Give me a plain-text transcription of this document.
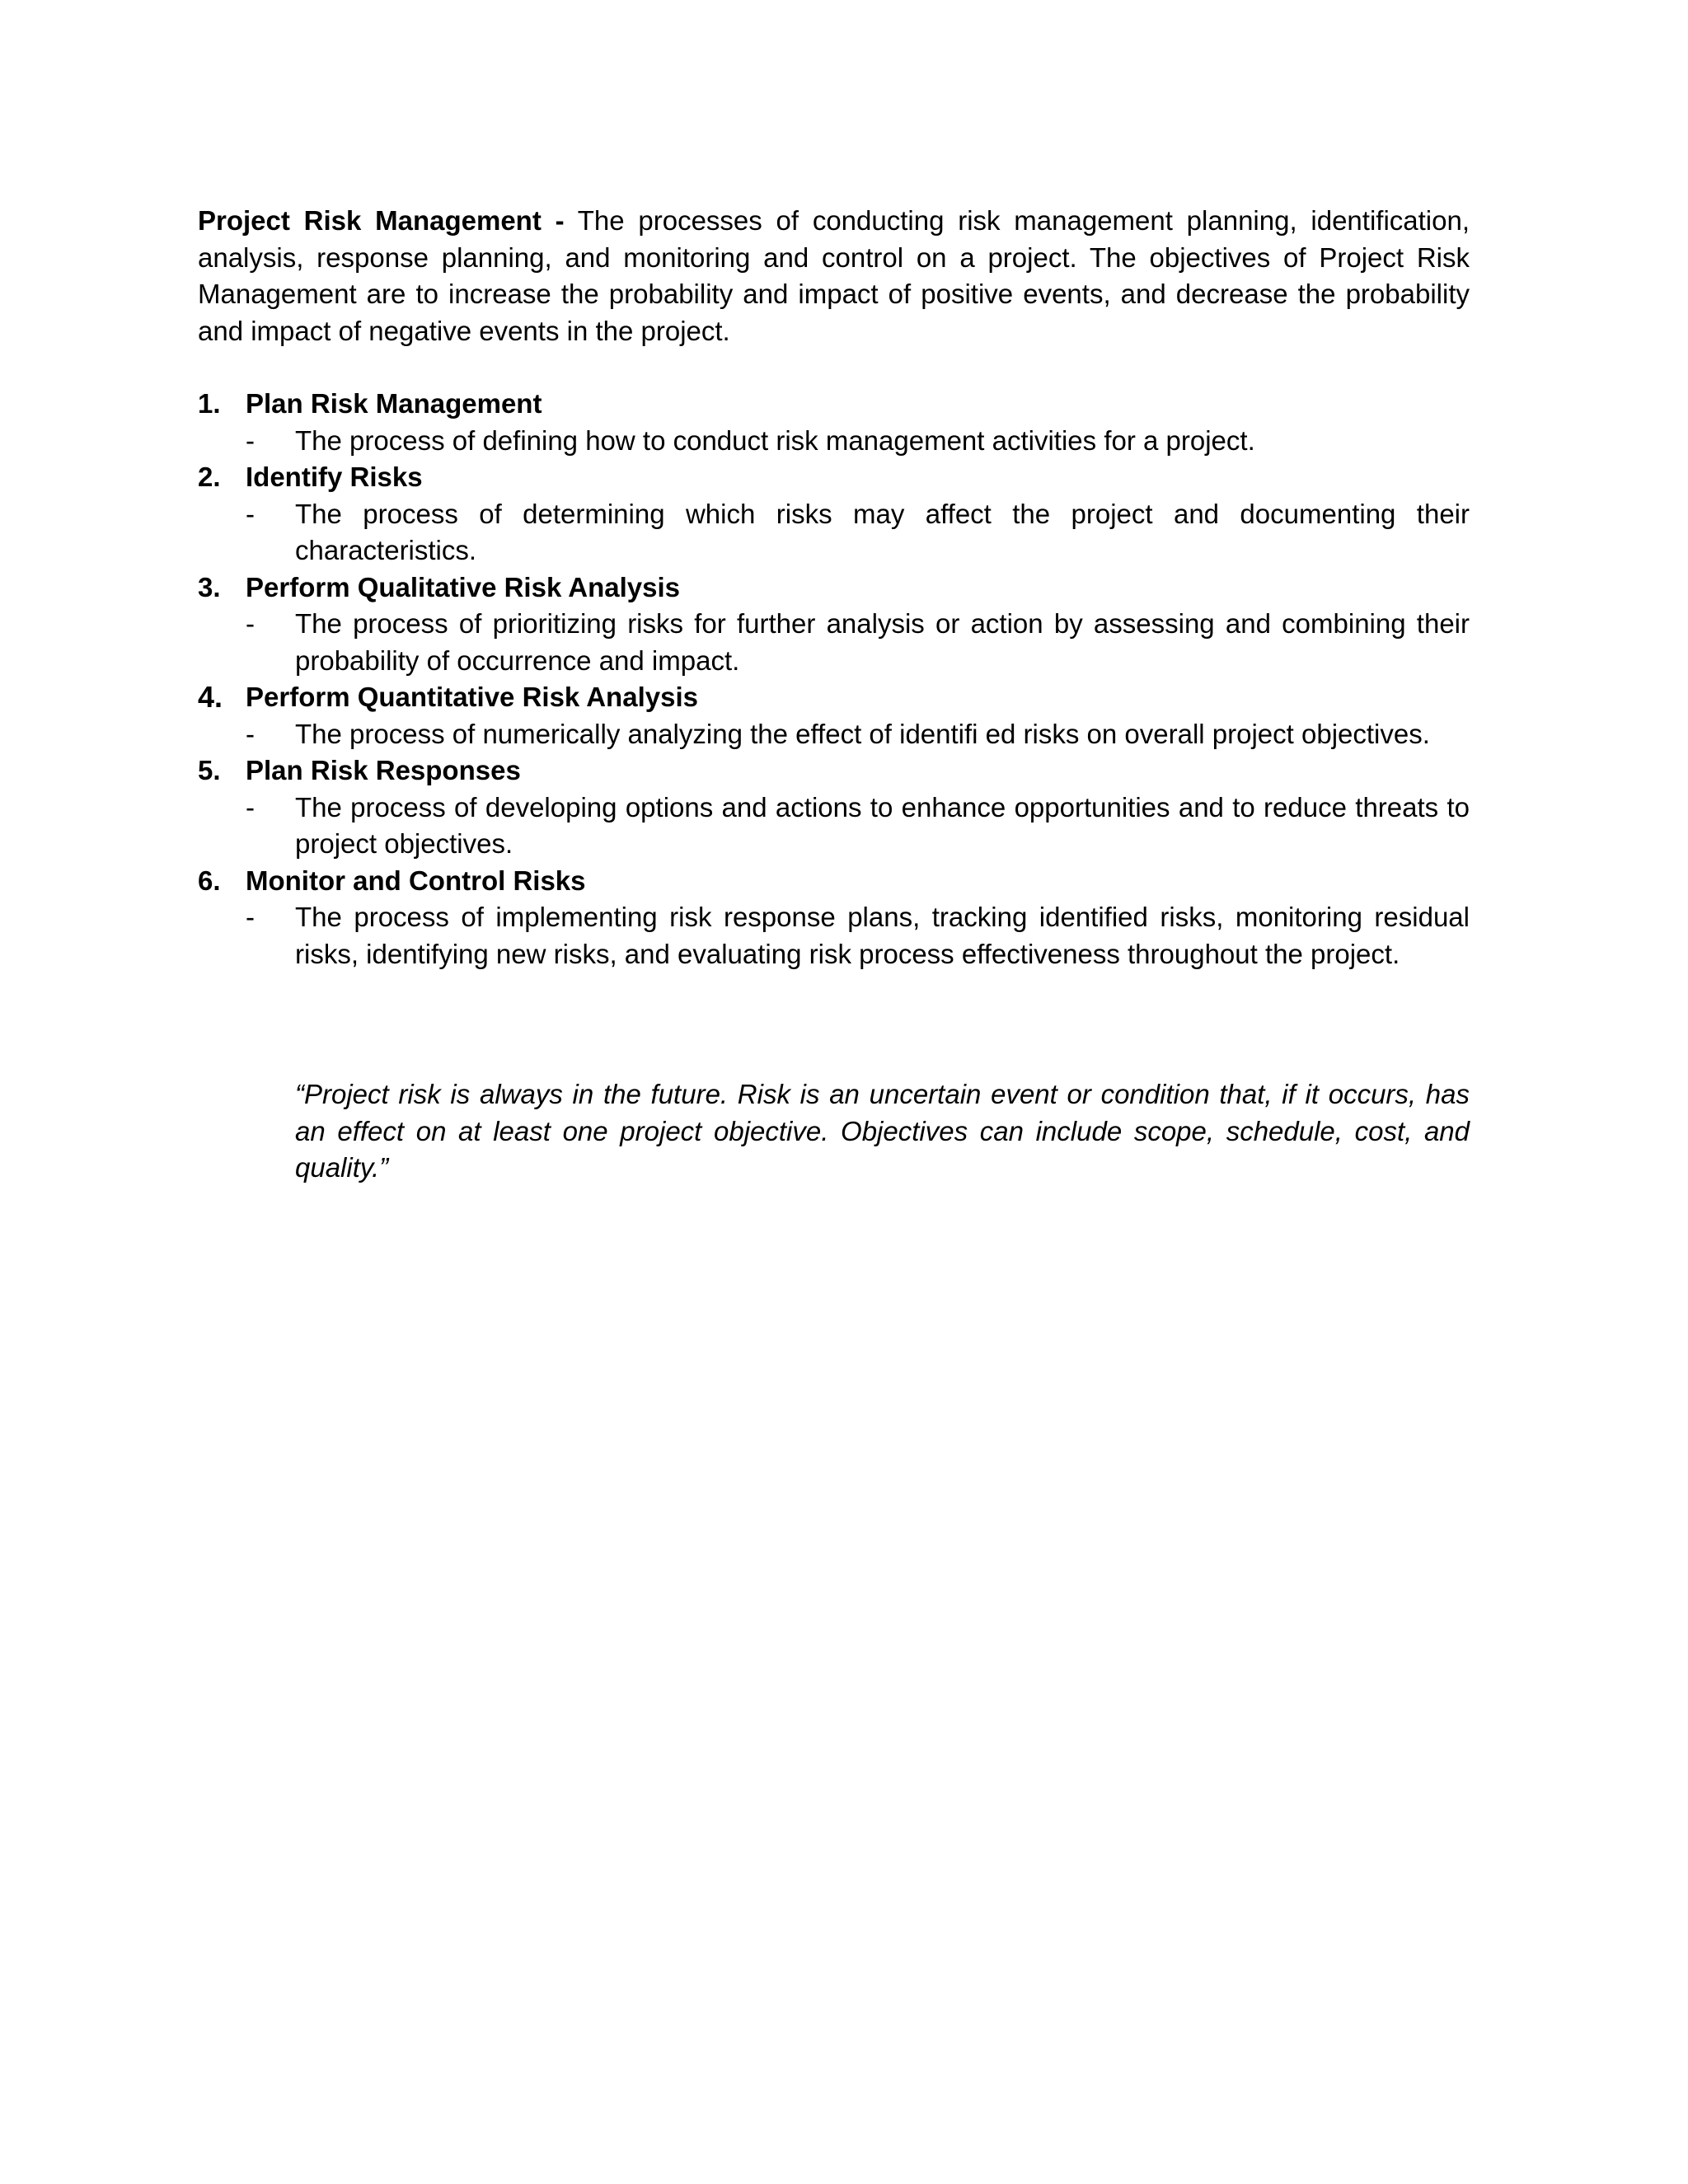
Project Risk Management - The processes of conducting risk management planning, identification, analysis, response planning, and monitoring and control on a project. The objectives of Project Risk Management are to increase the probability and impact of positive events, and decrease the probability and impact of negative events in the project.

1. Plan Risk Management
- The process of defining how to conduct risk management activities for a project.
2. Identify Risks
- The process of determining which risks may affect the project and documenting their characteristics.
3. Perform Qualitative Risk Analysis
- The process of prioritizing risks for further analysis or action by assessing and combining their probability of occurrence and impact.
4. Perform Quantitative Risk Analysis
- The process of numerically analyzing the effect of identifi ed risks on overall project objectives.
5. Plan Risk Responses
- The process of developing options and actions to enhance opportunities and to reduce threats to project objectives.
6. Monitor and Control Risks
- The process of implementing risk response plans, tracking identified risks, monitoring residual risks, identifying new risks, and evaluating risk process effectiveness throughout the project.

“Project risk is always in the future. Risk is an uncertain event or condition that, if it occurs, has an effect on at least one project objective. Objectives can include scope, schedule, cost, and quality.”
